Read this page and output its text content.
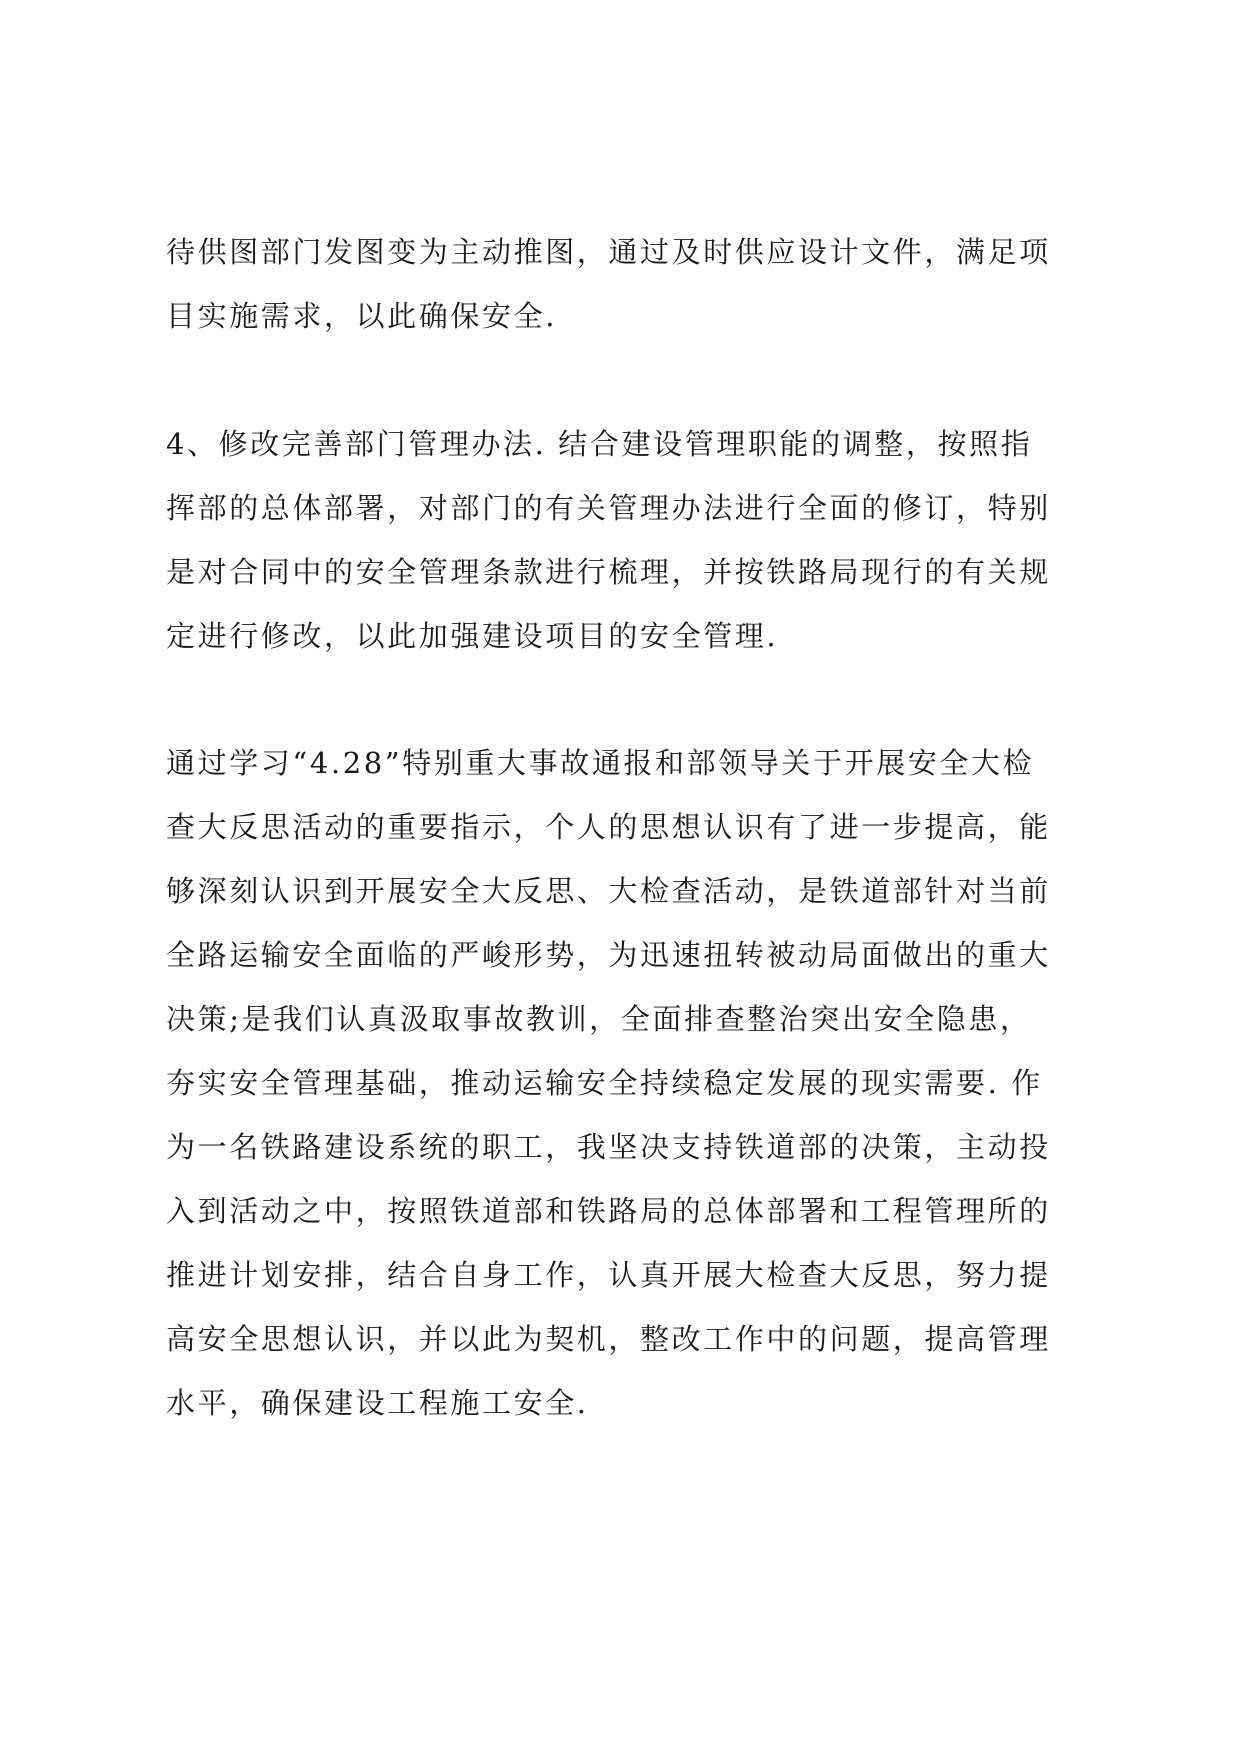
待供图部门发图变为主动推图，通过及时供应设计文件，满足项
目实施需求，以此确保安全.

4、修改完善部门管理办法. 结合建设管理职能的调整，按照指
挥部的总体部署，对部门的有关管理办法进行全面的修订，特别
是对合同中的安全管理条款进行梳理，并按铁路局现行的有关规
定进行修改，以此加强建设项目的安全管理.

通过学习“4.28”特别重大事故通报和部领导关于开展安全大检
查大反思活动的重要指示，个人的思想认识有了进一步提高，能
够深刻认识到开展安全大反思、大检查活动，是铁道部针对当前
全路运输安全面临的严峻形势，为迅速扭转被动局面做出的重大
决策;是我们认真汲取事故教训，全面排查整治突出安全隐患，
夯实安全管理基础，推动运输安全持续稳定发展的现实需要. 作
为一名铁路建设系统的职工，我坚决支持铁道部的决策，主动投
入到活动之中，按照铁道部和铁路局的总体部署和工程管理所的
推进计划安排，结合自身工作，认真开展大检查大反思，努力提
高安全思想认识，并以此为契机，整改工作中的问题，提高管理
水平，确保建设工程施工安全.
